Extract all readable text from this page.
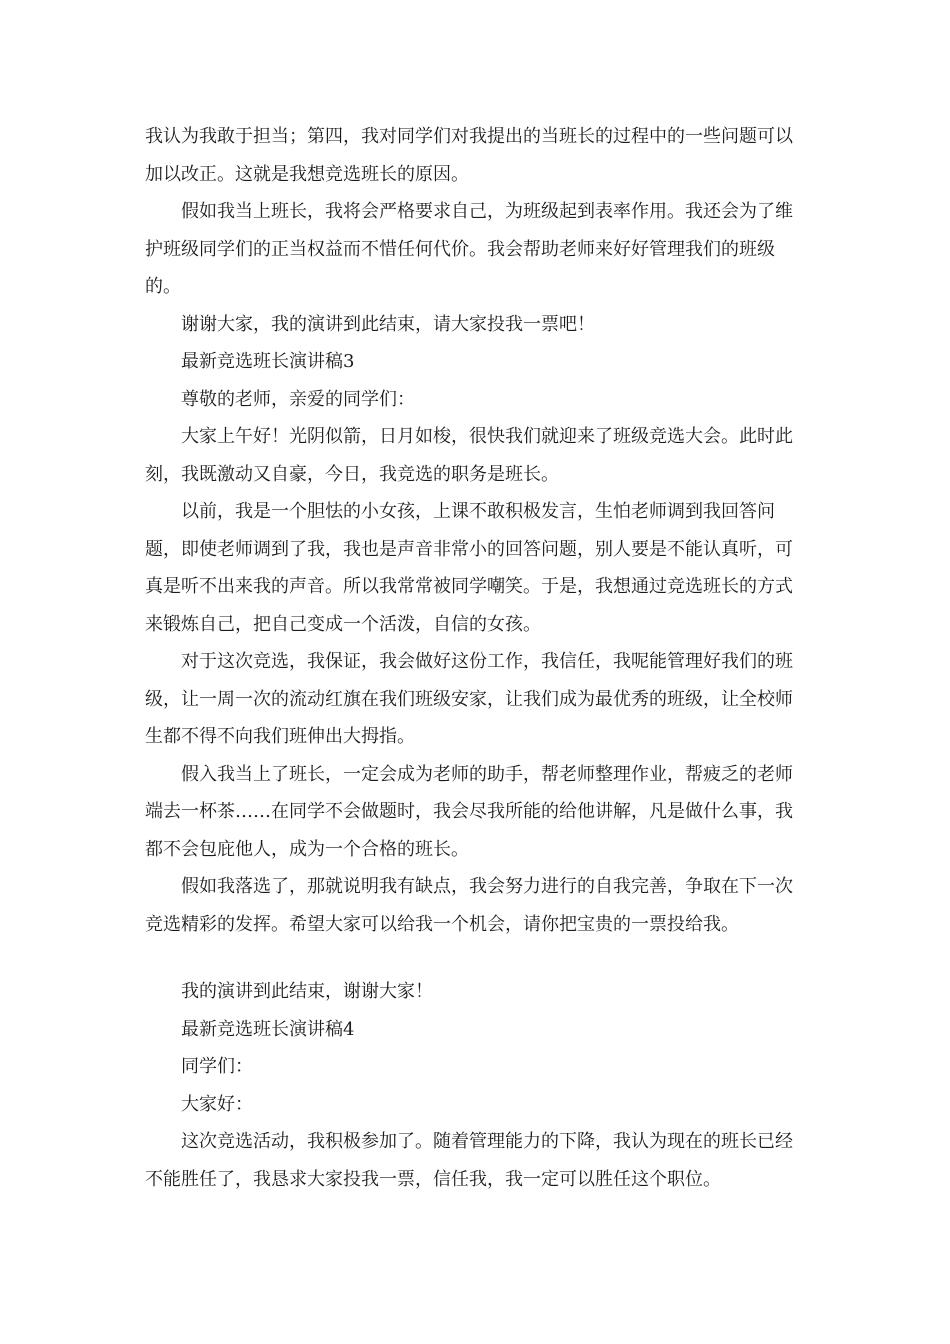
我认为我敢于担当；第四，我对同学们对我提出的当班长的过程中的一些问题可以加以改正。这就是我想竞选班长的原因。

假如我当上班长，我将会严格要求自己，为班级起到表率作用。我还会为了维护班级同学们的正当权益而不惜任何代价。我会帮助老师来好好管理我们的班级的。

谢谢大家，我的演讲到此结束，请大家投我一票吧！

最新竞选班长演讲稿3

尊敬的老师，亲爱的同学们：

大家上午好！光阴似箭，日月如梭，很快我们就迎来了班级竞选大会。此时此刻，我既激动又自豪，今日，我竞选的职务是班长。

以前，我是一个胆怯的小女孩，上课不敢积极发言，生怕老师调到我回答问题，即使老师调到了我，我也是声音非常小的回答问题，别人要是不能认真听，可真是听不出来我的声音。所以我常常被同学嘲笑。于是，我想通过竞选班长的方式来锻炼自己，把自己变成一个活泼，自信的女孩。

对于这次竞选，我保证，我会做好这份工作，我信任，我呢能管理好我们的班级，让一周一次的流动红旗在我们班级安家，让我们成为最优秀的班级，让全校师生都不得不向我们班伸出大拇指。

假入我当上了班长，一定会成为老师的助手，帮老师整理作业，帮疲乏的老师端去一杯茶……在同学不会做题时，我会尽我所能的给他讲解，凡是做什么事，我都不会包庇他人，成为一个合格的班长。

假如我落选了，那就说明我有缺点，我会努力进行的自我完善，争取在下一次竞选精彩的发挥。希望大家可以给我一个机会，请你把宝贵的一票投给我。

我的演讲到此结束，谢谢大家！

最新竞选班长演讲稿4

同学们：

大家好：

这次竞选活动，我积极参加了。随着管理能力的下降，我认为现在的班长已经不能胜任了，我恳求大家投我一票，信任我，我一定可以胜任这个职位。
